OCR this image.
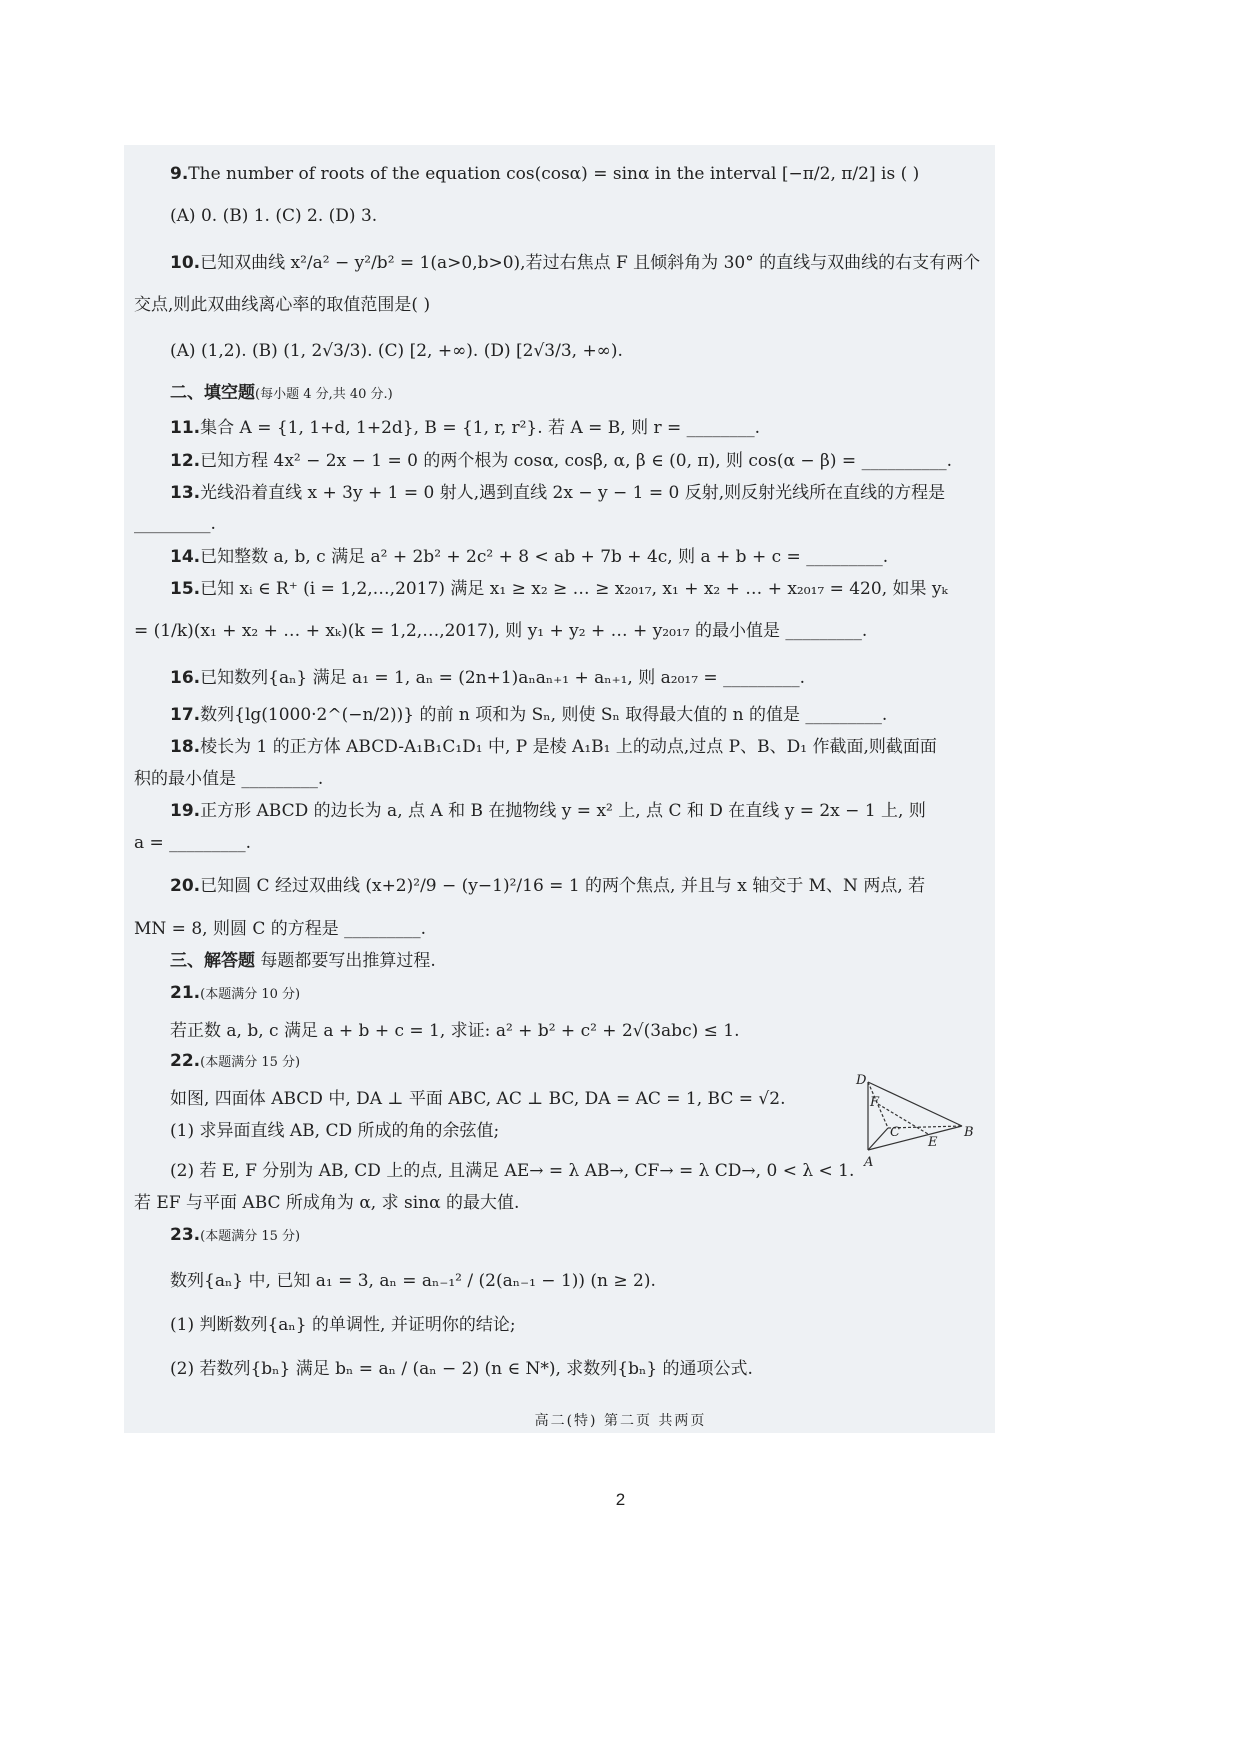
9.The number of roots of the equation cos(cosα) = sinα in the interval [−π/2, π/2] is ( )
(A) 0. (B) 1. (C) 2. (D) 3.
10.已知双曲线 x²/a² − y²/b² = 1(a>0,b>0),若过右焦点 F 且倾斜角为 30° 的直线与双曲线的右支有两个
交点,则此双曲线离心率的取值范围是( )
(A) (1,2). (B) (1, 2√3/3). (C) [2, +∞). (D) [2√3/3, +∞).
二、填空题(每小题 4 分,共 40 分.)
11.集合 A = {1, 1+d, 1+2d}, B = {1, r, r²}. 若 A = B, 则 r = ________.
12.已知方程 4x² − 2x − 1 = 0 的两个根为 cosα, cosβ, α, β ∈ (0, π), 则 cos(α − β) = __________.
13.光线沿着直线 x + 3y + 1 = 0 射人,遇到直线 2x − y − 1 = 0 反射,则反射光线所在直线的方程是
_________.
14.已知整数 a, b, c 满足 a² + 2b² + 2c² + 8 < ab + 7b + 4c, 则 a + b + c = _________.
15.已知 xᵢ ∈ R⁺ (i = 1,2,…,2017) 满足 x₁ ≥ x₂ ≥ … ≥ x₂₀₁₇, x₁ + x₂ + … + x₂₀₁₇ = 420, 如果 yₖ
= (1/k)(x₁ + x₂ + … + xₖ)(k = 1,2,…,2017), 则 y₁ + y₂ + … + y₂₀₁₇ 的最小值是 _________.
16.已知数列{aₙ} 满足 a₁ = 1, aₙ = (2n+1)aₙaₙ₊₁ + aₙ₊₁, 则 a₂₀₁₇ = _________.
17.数列{lg(1000·2^(−n/2))} 的前 n 项和为 Sₙ, 则使 Sₙ 取得最大值的 n 的值是 _________.
18.棱长为 1 的正方体 ABCD-A₁B₁C₁D₁ 中, P 是棱 A₁B₁ 上的动点,过点 P、B、D₁ 作截面,则截面面
积的最小值是 _________.
19.正方形 ABCD 的边长为 a, 点 A 和 B 在抛物线 y = x² 上, 点 C 和 D 在直线 y = 2x − 1 上, 则
a = _________.
20.已知圆 C 经过双曲线 (x+2)²/9 − (y−1)²/16 = 1 的两个焦点, 并且与 x 轴交于 M、N 两点, 若
MN = 8, 则圆 C 的方程是 _________.
三、解答题 每题都要写出推算过程.
21.(本题满分 10 分)
若正数 a, b, c 满足 a + b + c = 1, 求证: a² + b² + c² + 2√(3abc) ≤ 1.
22.(本题满分 15 分)
如图, 四面体 ABCD 中, DA ⊥ 平面 ABC, AC ⊥ BC, DA = AC = 1, BC = √2.
(1) 求异面直线 AB, CD 所成的角的余弦值;
(2) 若 E, F 分别为 AB, CD 上的点, 且满足 AE→ = λ AB→, CF→ = λ CD→, 0 < λ < 1.
若 EF 与平面 ABC 所成角为 α, 求 sinα 的最大值.
23.(本题满分 15 分)
数列{aₙ} 中, 已知 a₁ = 3, aₙ = aₙ₋₁² / (2(aₙ₋₁ − 1)) (n ≥ 2).
(1) 判断数列{aₙ} 的单调性, 并证明你的结论;
(2) 若数列{bₙ} 满足 bₙ = aₙ / (aₙ − 2) (n ∈ N*), 求数列{bₙ} 的通项公式.
D
F
C
E
B
A
高二(特) 第二页 共两页
2
